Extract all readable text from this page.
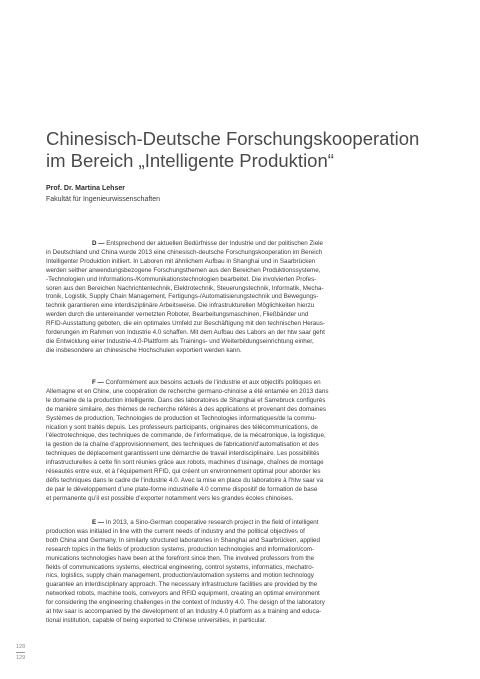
Chinesisch-Deutsche Forschungskooperation
im Bereich „Intelligente Produktion“

Prof. Dr. Martina Lehser

Fakultät für Ingenieurwissenschaften

D — Entsprechend der aktuellen Bedürfnisse der Industrie und der politischen Ziele
in Deutschland und China wurde 2013 eine chinesisch-deutsche Forschungskooperation im Bereich
Intelligenter Produktion initiiert. In Laboren mit ähnlichem Aufbau in Shanghai und in Saarbrücken
werden seither anwendungsbezogene Forschungsthemen aus den Bereichen Produktionssysteme,
-Technologien und Informations-/Kommunikationstechnologien bearbeitet. Die involvierten Profes-
soren aus den Bereichen Nachrichtentechnik, Elektrotechnik, Steuerungstechnik, Informatik, Mecha-
tronik, Logistik, Supply Chain Management, Fertigungs-/Automatisierungstechnik und Bewegungs-
technik garantieren eine interdisziplinäre Arbeitsweise. Die infrastrukturellen Möglichkeiten hierzu
werden durch die untereinander vernetzten Roboter, Bearbeitungsmaschinen, Fließbänder und
RFID-Ausstattung geboten, die ein optimales Umfeld zur Beschäftigung mit den technischen Heraus-
forderungen im Rahmen von Industrie 4.0 schaffen. Mit dem Aufbau des Labors an der htw saar geht
die Entwicklung einer Industrie-4.0-Plattform als Trainings- und Weiterbildungseinrichtung einher,
die insbesondere an chinesische Hochschulen exportiert werden kann.
F — Conformément aux besoins actuels de l’industrie et aux objectifs politiques en
Allemagne et en Chine, une coopération de recherche germano-chinoise a été entamée en 2013 dans
le domaine de la production intelligente. Dans des laboratoires de Shanghai et Sarrebruck configurés
de manière similaire, des thèmes de recherche référés à des applications et provenant des domaines
Systèmes de production, Technologies de production et Technologies informatiques/de la commu-
nication y sont traités depuis. Les professeurs participants, originaires des télécommunications, de
l’électrotechnique, des techniques de commande, de l’informatique, de la mécatronique, la logistique,
la gestion de la chaîne d’approvisionnement, des techniques de fabrication/d’automatisation et des
techniques de déplacement garantissent une démarche de travail interdisciplinaire. Les possibilités
infrastructurelles à cette fin sont réunies grâce aux robots, machines d’usinage, chaînes de montage
réseautés entre eux, et à l’équipement RFID, qui créent un environnement optimal pour aborder les
défis techniques dans le cadre de l’industrie 4.0. Avec la mise en place du laboratoire à l’htw saar va
de pair le développement d’une plate-forme industrielle 4.0 comme dispositif de formation de base
et permanente qu’il est possible d’exporter notamment vers les grandes écoles chinoises.
E — In 2013, a Sino-German cooperative research project in the field of intelligent
production was initiated in line with the current needs of industry and the political objectives of
both China and Germany. In similarly structured laboratories in Shanghai and Saarbrücken, applied
research topics in the fields of production systems, production technologies and information/com-
munications technologies have been at the forefront since then. The involved professors from the
fields of communications systems, electrical engineering, control systems, informatics, mechatro-
nics, logistics, supply chain management, production/automation systems and motion technology
guarantee an interdisciplinary approach. The necessary infrastructure facilities are provided by the
networked robots, machine tools, conveyors and RFID equipment, creating an optimal environment
for considering the engineering challenges in the context of Industry 4.0. The design of the laboratory
at htw saar is accompanied by the development of an Industry 4.0 platform as a training and educa-
tional institution, capable of being exported to Chinese universities, in particular.
128
129
